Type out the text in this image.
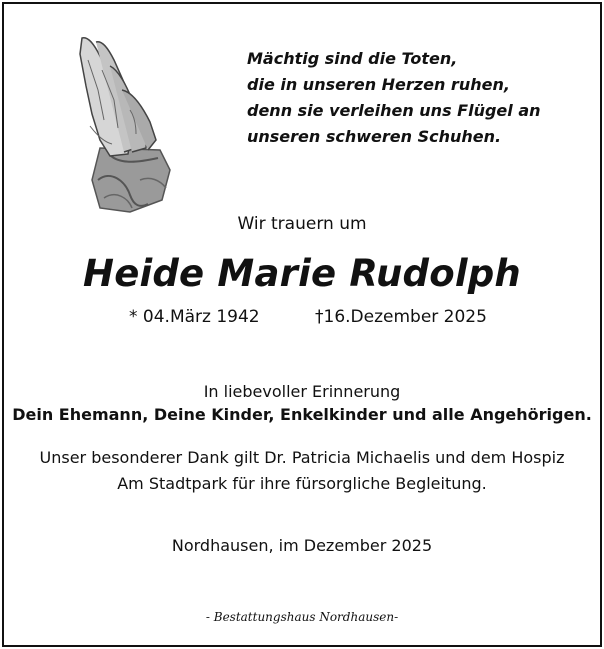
Mächtig sind die Toten,
die in unseren Herzen ruhen,
denn sie verleihen uns Flügel an
unseren schweren Schuhen.
Wir trauern um
Heide Marie Rudolph
* 04.März 1942	†16.Dezember 2025
In liebevoller Erinnerung
Dein Ehemann, Deine Kinder, Enkelkinder und alle Angehörigen.
Unser besonderer Dank gilt Dr. Patricia Michaelis und dem Hospiz
Am Stadtpark für ihre fürsorgliche Begleitung.
Nordhausen, im Dezember 2025
- Bestattungshaus Nordhausen-
